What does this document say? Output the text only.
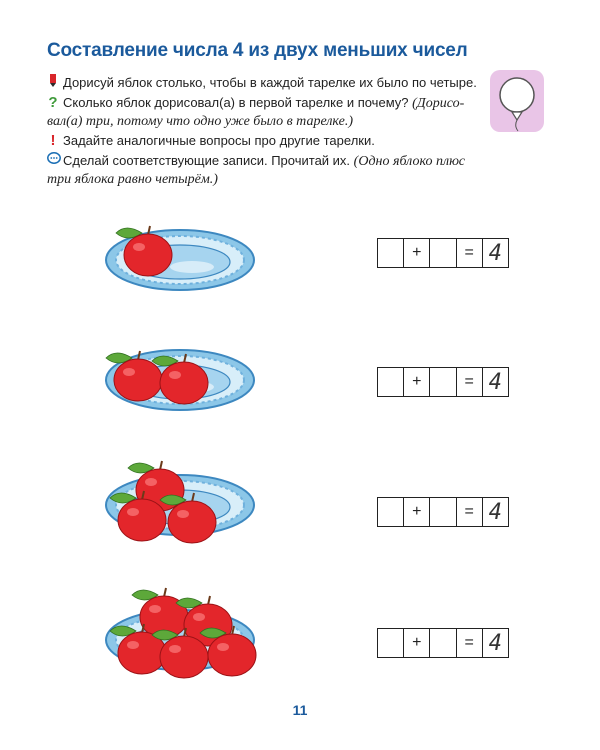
Составление числа 4 из двух меньших чисел
Дорисуй яблок столько, чтобы в каждой тарелке их было по четыре.
? Сколько яблок дорисовал(а) в первой тарелке и почему? (Дорисо-вал(а) три, потому что одно уже было в тарелке.)
! Задайте аналогичные вопросы про другие тарелки.
Сделай соответствующие записи. Прочитай их. (Одно яблоко плюс три яблока равно четырём.)
+	= 4
+	= 4
+	= 4
+	= 4
11
